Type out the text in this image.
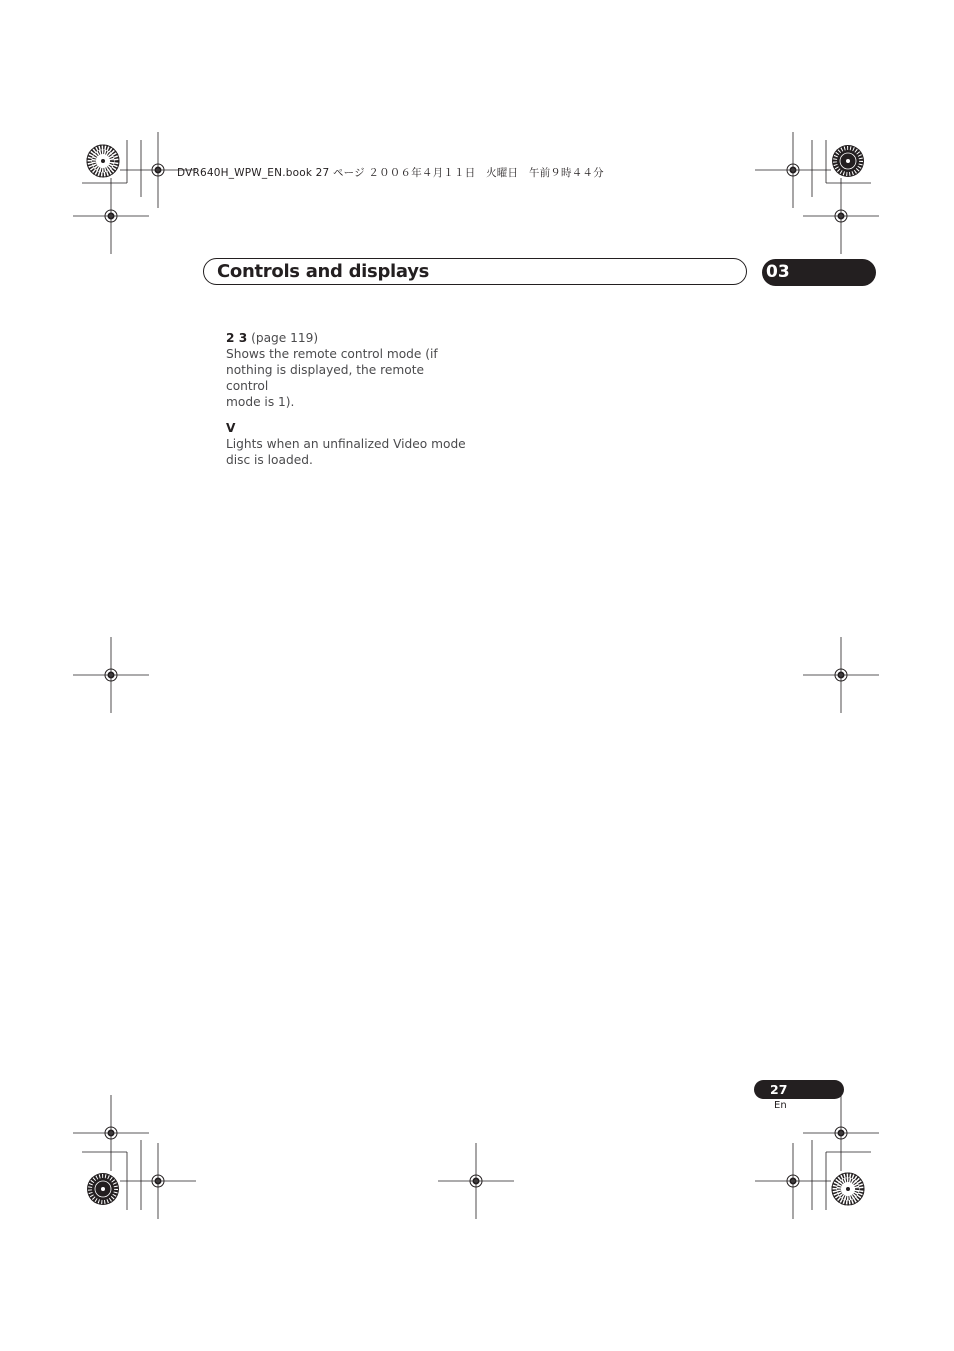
DVR640H_WPW_EN.book 27 ページ ２００６年４月１１日　火曜日　午前９時４４分
Controls and displays	03

2 3 (page 119)

Shows the remote control mode (if

nothing is displayed, the remote control

mode is 1).

V

Lights when an unfinalized Video mode

disc is loaded.

27
En
